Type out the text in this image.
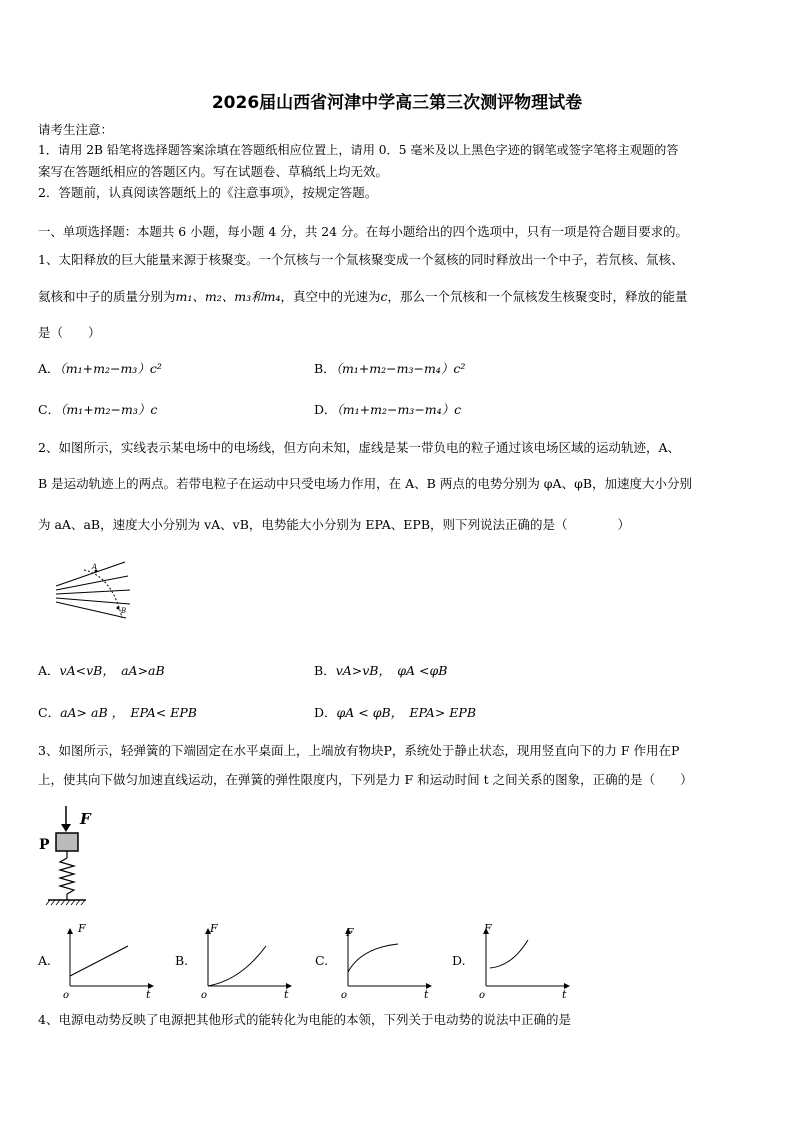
2026届山西省河津中学高三第三次测评物理试卷
请考生注意：
1．请用 2B 铅笔将选择题答案涂填在答题纸相应位置上，请用 0．5 毫米及以上黑色字迹的钢笔或签字笔将主观题的答
案写在答题纸相应的答题区内。写在试题卷、草稿纸上均无效。
2．答题前，认真阅读答题纸上的《注意事项》，按规定答题。
一、单项选择题：本题共 6 小题，每小题 4 分，共 24 分。在每小题给出的四个选项中，只有一项是符合题目要求的。
1、太阳释放的巨大能量来源于核聚变。一个氘核与一个氚核聚变成一个氦核的同时释放出一个中子，若氘核、氚核、
氦核和中子的质量分别为m₁、m₂、m₃和m₄，真空中的光速为c，那么一个氘核和一个氚核发生核聚变时，释放的能量
是（　　）
A．（m₁+m₂−m₃）c²	B．（m₁+m₂−m₃−m₄）c²
C．（m₁+m₂−m₃）c	D．（m₁+m₂−m₃−m₄）c
2、如图所示，实线表示某电场中的电场线，但方向未知，虚线是某一带负电的粒子通过该电场区域的运动轨迹，A、
B 是运动轨迹上的两点。若带电粒子在运动中只受电场力作用，在 A、B 两点的电势分别为 φA、φB，加速度大小分别
为 aA、aB，速度大小分别为 vA、vB，电势能大小分别为 EPA、EPB，则下列说法正确的是（　　　　）
A
B
A．vA<vB，　aA>aB	B．vA>vB，　φA <φB
C．aA> aB ，　EPA< EPB	D．φA < φB，　EPA> EPB
3、如图所示，轻弹簧的下端固定在水平桌面上，上端放有物块P，系统处于静止状态，现用竖直向下的力 F 作用在P
上，使其向下做匀加速直线运动，在弹簧的弹性限度内，下列是力 F 和运动时间 t 之间关系的图象，正确的是（　　）
F
P
A.
F
t
o
B.
F
t
o
C.
F
t
o
D.
F
t
o
4、电源电动势反映了电源把其他形式的能转化为电能的本领，下列关于电动势的说法中正确的是
